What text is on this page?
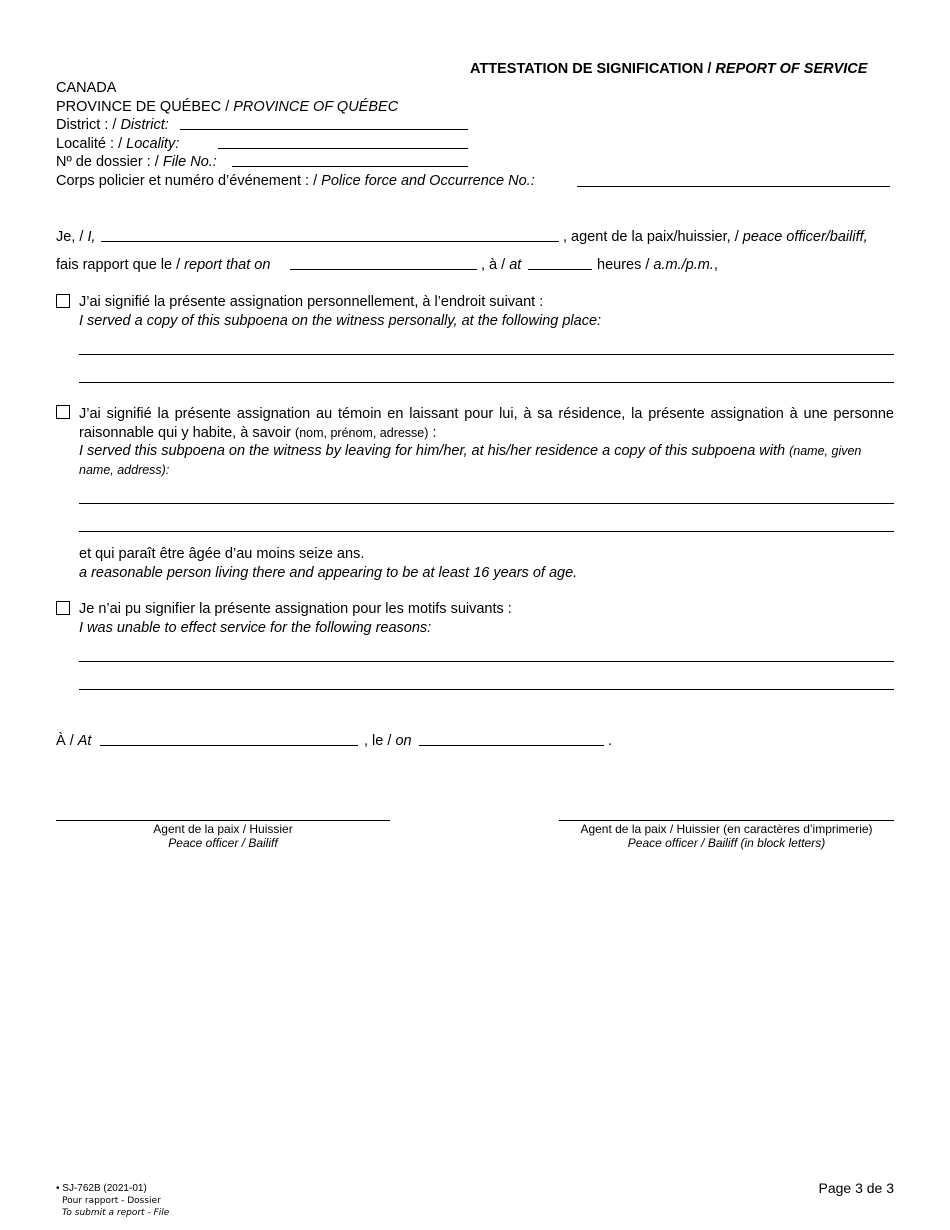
ATTESTATION DE SIGNIFICATION / REPORT OF SERVICE
CANADA
PROVINCE DE QUÉBEC / PROVINCE OF QUÉBEC
District : / District:
Localité : / Locality:
Nº de dossier : / File No.:
Corps policier et numéro d’événement : / Police force and Occurrence No.:
Je, / I,	, agent de la paix/huissier, / peace officer/bailiff,
fais rapport que le / report that on	, à / at	heures / a.m./p.m.,
J’ai signifié la présente assignation personnellement, à l’endroit suivant :
I served a copy of this subpoena on the witness personally, at the following place:
J’ai signifié la présente assignation au témoin en laissant pour lui, à sa résidence, la présente assignation à une personne raisonnable qui y habite, à savoir (nom, prénom, adresse) :
I served this subpoena on the witness by leaving for him/her, at his/her residence a copy of this subpoena with (name, given name, address):
et qui paraît être âgée d’au moins seize ans.
a reasonable person living there and appearing to be at least 16 years of age.
Je n’ai pu signifier la présente assignation pour les motifs suivants :
I was unable to effect service for the following reasons:
À / At	, le / on	.
Agent de la paix / Huissier
Peace officer / Bailiff
Agent de la paix / Huissier (en caractères d’imprimerie)
Peace officer / Bailiff (in block letters)
• SJ-762B (2021-01)
Pour rapport - Dossier
To submit a report - File
Page 3 de 3
